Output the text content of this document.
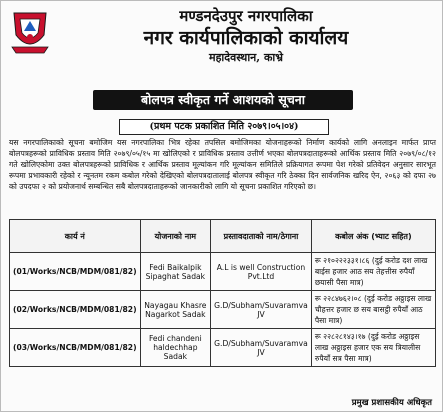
मण्डनदेउपुर नगरपालिका
नगर कार्यपालिकाको कार्यालय
महादेवस्थान, काभ्रे
बोलपत्र स्वीकृत गर्ने आशयको सूचना
(प्रथम पटक प्रकाशित मिति २०७९।०५।०४)
यस नगरपालिकाको सूचना बमोजिम यस नगरपालिका भित्र रहेका तपसिल बमोजिमका योजनाहरूको निर्माण कार्यको लागि अनलाइन मार्फत प्राप्त बोलपत्रहरूको प्राविधिक प्रस्ताव मिति २०७९/०५/१५ मा खोलिएको र प्राविधिक प्रस्ताव उत्तीर्ण भएका बोलपत्रदाताहरूको आर्थिक प्रस्ताव मिति २०७९/०८/१२ गते खोलिएकोमा उक्त बोलपत्रहरूको प्राविधिक र आर्थिक प्रस्ताव मूल्यांकन गरि मूल्यांकन समितिले प्रक्रियागत रूपमा पेश गरेको प्रतिवेदन अनुसार सारभूत रूपमा प्रभावकारी रहेको र न्यूनतम रकम कबोल गरेको देखिएको बोलपत्रदातालाई बोलपत्र स्वीकृत गरि ठेक्का दिन सार्वजनिक खरिद ऐन, २०६३ को दफा २७ को उपदफा २ को प्रयोजनार्थ सम्बन्धित सबै बोलपत्रदाताहरूको जानकारीको लागि यो सूचना प्रकाशित गरिएको छ।
कार्य नं	योजनाको नाम	प्रस्तावदाताको नाम/ठेगाना	कबोल अंक (भ्याट सहित)
(01/Works/NCB/MDM/081/82)	Fedi Baikalpik Sipaghat Sadak	A.L is well Construction Pvt.Ltd	रू २१०२२२३३१।८६ (दुई करोड दश लाख बाईस हजार आठ सय तेहत्तीस रुपैयाँ छयासी पैसा मात्र)
(02/Works/NCB/MDM/081/82)	Nayagau Khasre Nagarkot Sadak	G.D/Subham/Suvaramva JV	रू २२८४७६२।०८ (दुई करोड अठ्ठाइस लाख चौहत्तर हजार छ सय बासट्ठी रुपैयाँ आठ पैसा मात्र)
(03/Works/NCB/MDM/081/82)	Fedi chandeni haldechhap Sadak	G.D/Subham/Suvaramva JV	रू २२८२८१४३।१७ (दुई करोड अठ्ठाइस लाख अठ्ठाइस हजार एक सय त्रियालीस रुपैयाँ सत्र पैसा मात्र)
प्रमुख प्रशासकीय अधिकृत
